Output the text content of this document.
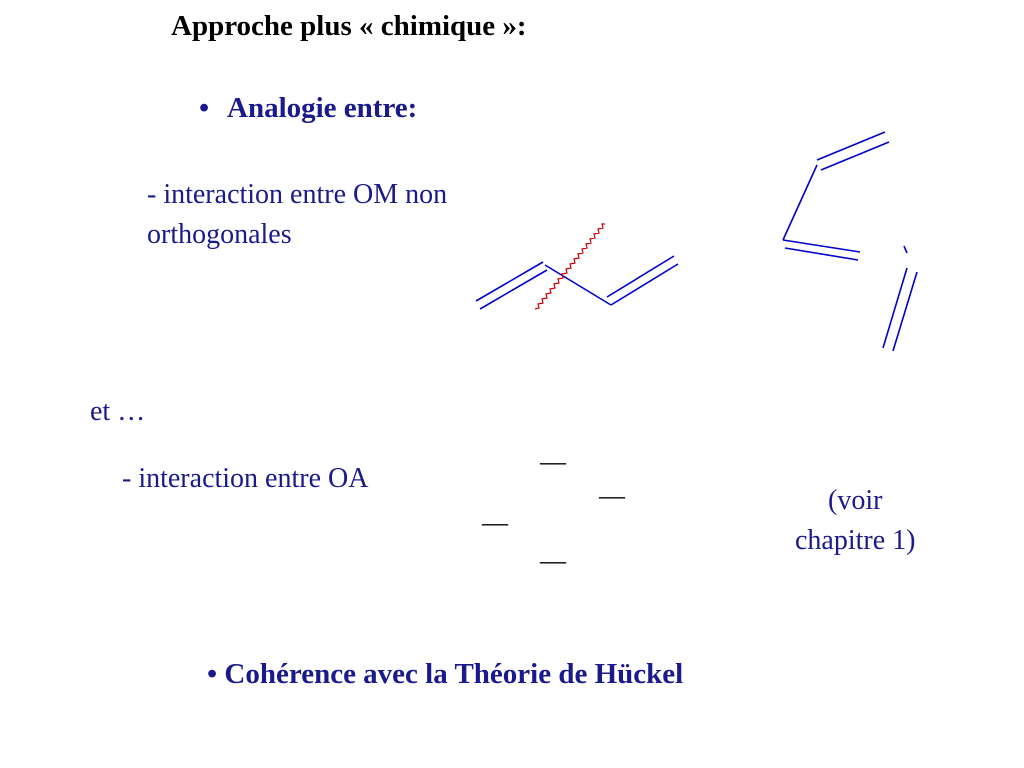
Approche plus « chimique »:
• Analogie entre:
- interaction entre OM non
orthogonales
et …
- interaction entre OA
—
—
—
—
(voir
chapitre 1)
• Cohérence avec la Théorie de Hückel
